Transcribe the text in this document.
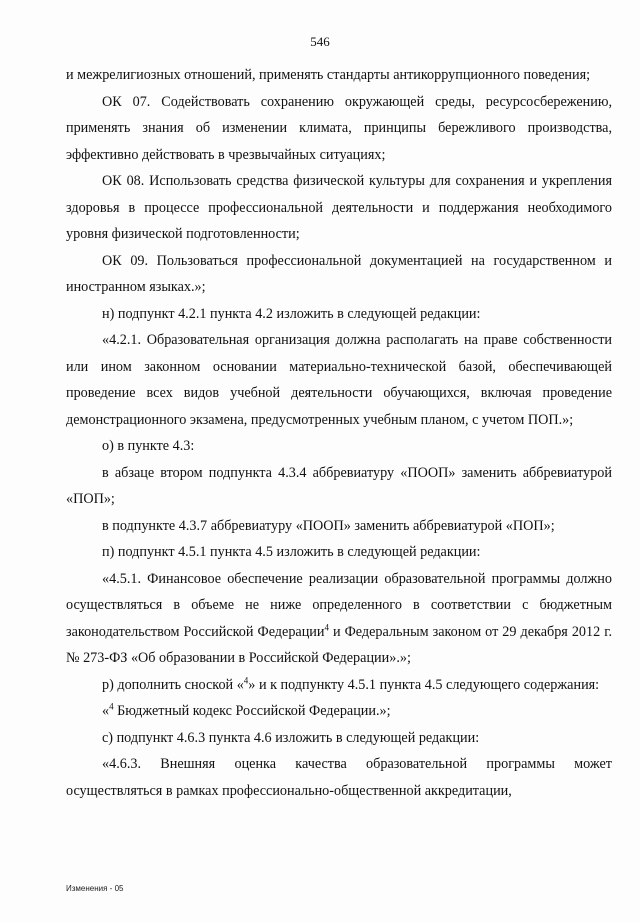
546

и межрелигиозных отношений, применять стандарты антикоррупционного поведения;

ОК 07. Содействовать сохранению окружающей среды, ресурсосбережению, применять знания об изменении климата, принципы бережливого производства, эффективно действовать в чрезвычайных ситуациях;

ОК 08. Использовать средства физической культуры для сохранения и укрепления здоровья в процессе профессиональной деятельности и поддержания необходимого уровня физической подготовленности;

ОК 09. Пользоваться профессиональной документацией на государственном и иностранном языках.»;

н) подпункт 4.2.1 пункта 4.2 изложить в следующей редакции:

«4.2.1. Образовательная организация должна располагать на праве собственности или ином законном основании материально-технической базой, обеспечивающей проведение всех видов учебной деятельности обучающихся, включая проведение демонстрационного экзамена, предусмотренных учебным планом, с учетом ПОП.»;

о) в пункте 4.3:

в абзаце втором подпункта 4.3.4 аббревиатуру «ПООП» заменить аббревиатурой «ПОП»;

в подпункте 4.3.7 аббревиатуру «ПООП» заменить аббревиатурой «ПОП»;

п) подпункт 4.5.1 пункта 4.5 изложить в следующей редакции:

«4.5.1. Финансовое обеспечение реализации образовательной программы должно осуществляться в объеме не ниже определенного в соответствии с бюджетным законодательством Российской Федерации$^4$ и Федеральным законом от 29 декабря 2012 г. № 273-ФЗ «Об образовании в Российской Федерации».»;

р) дополнить сноской «$^4$» и к подпункту 4.5.1 пункта 4.5 следующего содержания:

«$^4$ Бюджетный кодекс Российской Федерации.»;

с) подпункт 4.6.3 пункта 4.6 изложить в следующей редакции:

«4.6.3. Внешняя оценка качества образовательной программы может осуществляться в рамках профессионально-общественной аккредитации,

Изменения - 05
